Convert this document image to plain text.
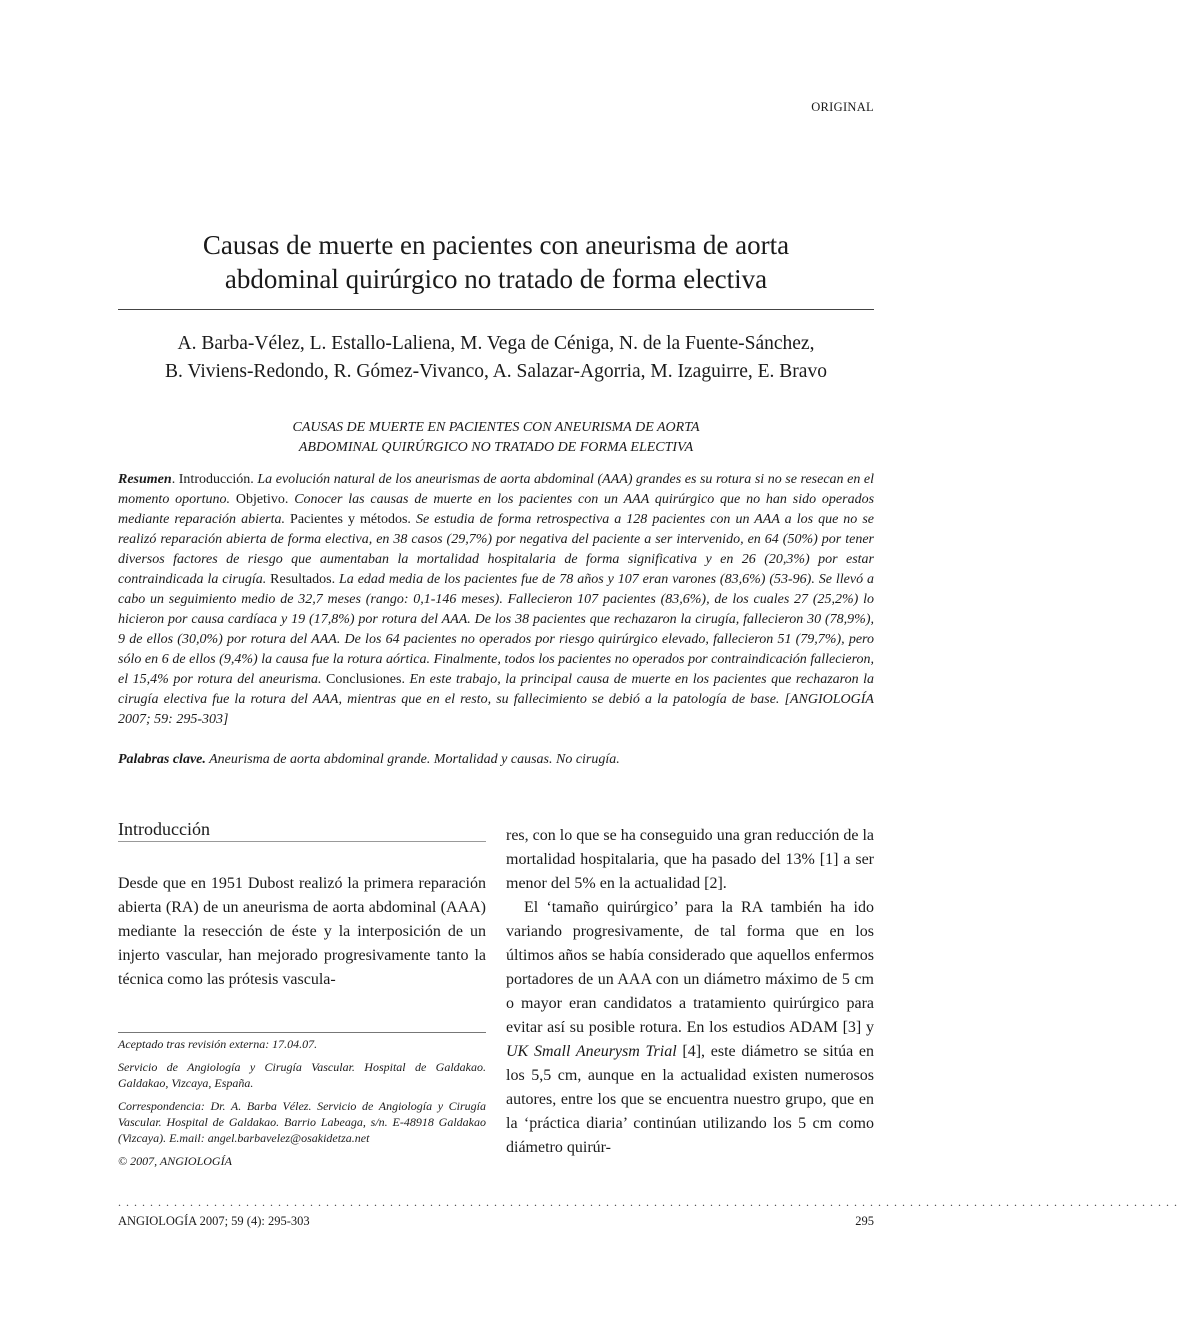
ORIGINAL
Causas de muerte en pacientes con aneurisma de aorta
abdominal quirúrgico no tratado de forma electiva
A. Barba-Vélez, L. Estallo-Laliena, M. Vega de Céniga, N. de la Fuente-Sánchez,
B. Viviens-Redondo, R. Gómez-Vivanco, A. Salazar-Agorria, M. Izaguirre, E. Bravo
CAUSAS DE MUERTE EN PACIENTES CON ANEURISMA DE AORTA
ABDOMINAL QUIRÚRGICO NO TRATADO DE FORMA ELECTIVA
Resumen. Introducción. La evolución natural de los aneurismas de aorta abdominal (AAA) grandes es su rotura si no se resecan en el momento oportuno. Objetivo. Conocer las causas de muerte en los pacientes con un AAA quirúrgico que no han sido operados mediante reparación abierta. Pacientes y métodos. Se estudia de forma retrospectiva a 128 pacientes con un AAA a los que no se realizó reparación abierta de forma electiva, en 38 casos (29,7%) por negativa del paciente a ser intervenido, en 64 (50%) por tener diversos factores de riesgo que aumentaban la mortalidad hospitalaria de forma significativa y en 26 (20,3%) por estar contraindicada la cirugía. Resultados. La edad media de los pacientes fue de 78 años y 107 eran varones (83,6%) (53-96). Se llevó a cabo un seguimiento medio de 32,7 meses (rango: 0,1-146 meses). Fallecieron 107 pacientes (83,6%), de los cuales 27 (25,2%) lo hicieron por causa cardíaca y 19 (17,8%) por rotura del AAA. De los 38 pacientes que rechazaron la cirugía, fallecieron 30 (78,9%), 9 de ellos (30,0%) por rotura del AAA. De los 64 pacientes no operados por riesgo quirúrgico elevado, fallecieron 51 (79,7%), pero sólo en 6 de ellos (9,4%) la causa fue la rotura aórtica. Finalmente, todos los pacientes no operados por contraindicación fallecieron, el 15,4% por rotura del aneurisma. Conclusiones. En este trabajo, la principal causa de muerte en los pacientes que rechazaron la cirugía electiva fue la rotura del AAA, mientras que en el resto, su fallecimiento se debió a la patología de base. [ANGIOLOGÍA 2007; 59: 295-303]
Palabras clave. Aneurisma de aorta abdominal grande. Mortalidad y causas. No cirugía.
Introducción
Desde que en 1951 Dubost realizó la primera reparación abierta (RA) de un aneurisma de aorta abdominal (AAA) mediante la resección de éste y la interposición de un injerto vascular, han mejorado progresivamente tanto la técnica como las prótesis vascula-

Aceptado tras revisión externa: 17.04.07.

Servicio de Angiología y Cirugía Vascular. Hospital de Galdakao. Galdakao, Vizcaya, España.

Correspondencia: Dr. A. Barba Vélez. Servicio de Angiología y Cirugía Vascular. Hospital de Galdakao. Barrio Labeaga, s/n. E-48918 Galdakao (Vizcaya). E.mail: angel.barbavelez@osakidetza.net

© 2007, ANGIOLOGÍA

res, con lo que se ha conseguido una gran reducción de la mortalidad hospitalaria, que ha pasado del 13% [1] a ser menor del 5% en la actualidad [2].

El ‘tamaño quirúrgico’ para la RA también ha ido variando progresivamente, de tal forma que en los últimos años se había considerado que aquellos enfermos portadores de un AAA con un diámetro máximo de 5 cm o mayor eran candidatos a tratamiento quirúrgico para evitar así su posible rotura. En los estudios ADAM [3] y UK Small Aneurysm Trial [4], este diámetro se sitúa en los 5,5 cm, aunque en la actualidad existen numerosos autores, entre los que se encuentra nuestro grupo, que en la ‘práctica diaria’ continúan utilizando los 5 cm como diámetro quirúr-

.....................................................................................................................................
ANGIOLOGÍA 2007; 59 (4): 295-303	295
